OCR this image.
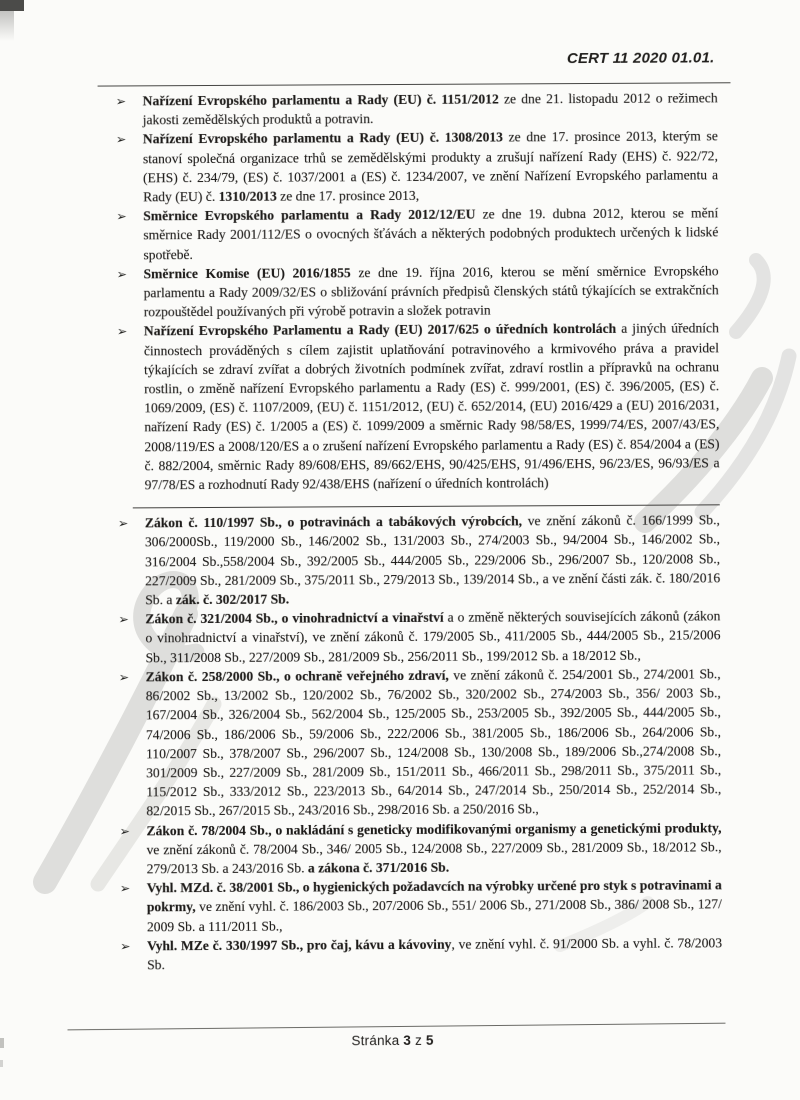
CERT 11 2020 01.01.
➢	Nařízení Evropského parlamentu a Rady (EU) č. 1151/2012 ze dne 21. listopadu 2012 o režimech jakosti zemědělských produktů a potravin.
➢	Nařízení Evropského parlamentu a Rady (EU) č. 1308/2013 ze dne 17. prosince 2013, kterým se stanoví společná organizace trhů se zemědělskými produkty a zrušují nařízení Rady (EHS) č. 922/72, (EHS) č. 234/79, (ES) č. 1037/2001 a (ES) č. 1234/2007, ve znění Nařízení Evropského parlamentu a Rady (EU) č. 1310/2013 ze dne 17. prosince 2013,
➢	Směrnice Evropského parlamentu a Rady 2012/12/EU ze dne 19. dubna 2012, kterou se mění směrnice Rady 2001/112/ES o ovocných šťávách a některých podobných produktech určených k lidské spotřebě.
➢	Směrnice Komise (EU) 2016/1855 ze dne 19. října 2016, kterou se mění směrnice Evropského parlamentu a Rady 2009/32/ES o sbližování právních předpisů členských států týkajících se extrakčních rozpouštědel používaných při výrobě potravin a složek potravin
➢	Nařízení Evropského Parlamentu a Rady (EU) 2017/625 o úředních kontrolách a jiných úředních činnostech prováděných s cílem zajistit uplatňování potravinového a krmivového práva a pravidel týkajících se zdraví zvířat a dobrých životních podmínek zvířat, zdraví rostlin a přípravků na ochranu rostlin, o změně nařízení Evropského parlamentu a Rady (ES) č. 999/2001, (ES) č. 396/2005, (ES) č. 1069/2009, (ES) č. 1107/2009, (EU) č. 1151/2012, (EU) č. 652/2014, (EU) 2016/429 a (EU) 2016/2031, nařízení Rady (ES) č. 1/2005 a (ES) č. 1099/2009 a směrnic Rady 98/58/ES, 1999/74/ES, 2007/43/ES, 2008/119/ES a 2008/120/ES a o zrušení nařízení Evropského parlamentu a Rady (ES) č. 854/2004 a (ES) č. 882/2004, směrnic Rady 89/608/EHS, 89/662/EHS, 90/425/EHS, 91/496/EHS, 96/23/ES, 96/93/ES a 97/78/ES a rozhodnutí Rady 92/438/EHS (nařízení o úředních kontrolách)
➢	Zákon č. 110/1997 Sb., o potravinách a tabákových výrobcích, ve znění zákonů č. 166/1999 Sb., 306/2000Sb., 119/2000 Sb., 146/2002 Sb., 131/2003 Sb., 274/2003 Sb., 94/2004 Sb., 146/2002 Sb., 316/2004 Sb.,558/2004 Sb., 392/2005 Sb., 444/2005 Sb., 229/2006 Sb., 296/2007 Sb., 120/2008 Sb., 227/2009 Sb., 281/2009 Sb., 375/2011 Sb., 279/2013 Sb., 139/2014 Sb., a ve znění části zák. č. 180/2016 Sb. a zák. č. 302/2017 Sb.
➢	Zákon č. 321/2004 Sb., o vinohradnictví a vinařství a o změně některých souvisejících zákonů (zákon o vinohradnictví a vinařství), ve znění zákonů č. 179/2005 Sb., 411/2005 Sb., 444/2005 Sb., 215/2006 Sb., 311/2008 Sb., 227/2009 Sb., 281/2009 Sb., 256/2011 Sb., 199/2012 Sb. a 18/2012 Sb.,
➢	Zákon č. 258/2000 Sb., o ochraně veřejného zdraví, ve znění zákonů č. 254/2001 Sb., 274/2001 Sb., 86/2002 Sb., 13/2002 Sb., 120/2002 Sb., 76/2002 Sb., 320/2002 Sb., 274/2003 Sb., 356/ 2003 Sb., 167/2004 Sb., 326/2004 Sb., 562/2004 Sb., 125/2005 Sb., 253/2005 Sb., 392/2005 Sb., 444/2005 Sb., 74/2006 Sb., 186/2006 Sb., 59/2006 Sb., 222/2006 Sb., 381/2005 Sb., 186/2006 Sb., 264/2006 Sb., 110/2007 Sb., 378/2007 Sb., 296/2007 Sb., 124/2008 Sb., 130/2008 Sb., 189/2006 Sb.,274/2008 Sb., 301/2009 Sb., 227/2009 Sb., 281/2009 Sb., 151/2011 Sb., 466/2011 Sb., 298/2011 Sb., 375/2011 Sb., 115/2012 Sb., 333/2012 Sb., 223/2013 Sb., 64/2014 Sb., 247/2014 Sb., 250/2014 Sb., 252/2014 Sb., 82/2015 Sb., 267/2015 Sb., 243/2016 Sb., 298/2016 Sb. a 250/2016 Sb.,
➢	Zákon č. 78/2004 Sb., o nakládání s geneticky modifikovanými organismy a genetickými produkty, ve znění zákonů č. 78/2004 Sb., 346/ 2005 Sb., 124/2008 Sb., 227/2009 Sb., 281/2009 Sb., 18/2012 Sb., 279/2013 Sb. a 243/2016 Sb. a zákona č. 371/2016 Sb.
➢	Vyhl. MZd. č. 38/2001 Sb., o hygienických požadavcích na výrobky určené pro styk s potravinami a pokrmy, ve znění vyhl. č. 186/2003 Sb., 207/2006 Sb., 551/ 2006 Sb., 271/2008 Sb., 386/ 2008 Sb., 127/ 2009 Sb. a 111/2011 Sb.,
➢	Vyhl. MZe č. 330/1997 Sb., pro čaj, kávu a kávoviny, ve znění vyhl. č. 91/2000 Sb. a vyhl. č. 78/2003 Sb.
Stránka 3 z 5
